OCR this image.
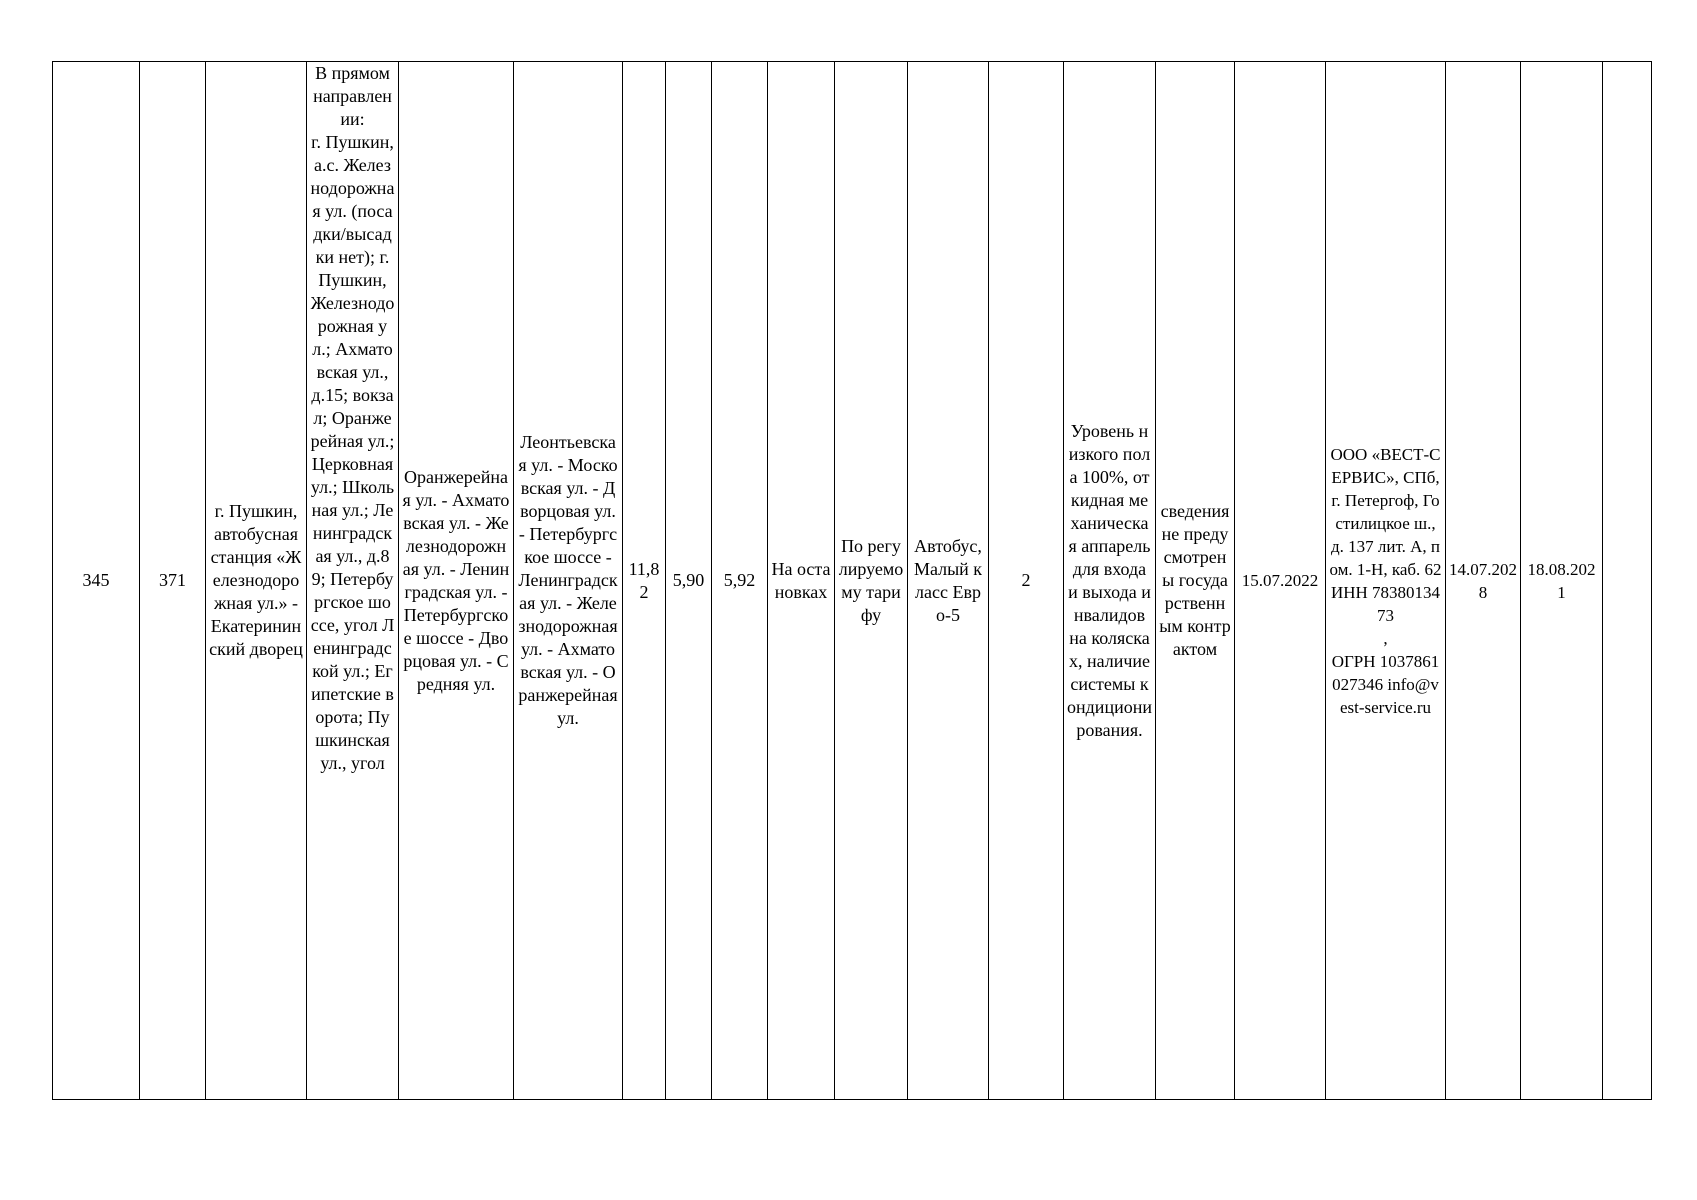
345	371	г. Пушкин, автобусная станция «Железнодорожная ул.» - Екатерининский дворец	В прямом направлении:
г. Пушкин, а.с. Железнодорожная ул. (посадки/высадки нет); г. Пушкин, Железнодорожная ул.; Ахматовская ул., д.15; вокзал; Оранжерейная ул.; Церковная ул.; Школьная ул.; Ленинградская ул., д.89; Петербургское шоссе, угол Ленинградской ул.; Египетские ворота; Пушкинская ул., угол	Оранжерейная ул. - Ахматовская ул. - Железнодорожная ул. - Ленинградская ул. - Петербургское шоссе - Дворцовая ул. - Средняя ул.	Леонтьевская ул. - Московская ул. - Дворцовая ул. - Петербургское шоссе - Ленинградская ул. - Железнодорожная ул. - Ахматовская ул. - Оранжерейная ул.	11,82	5,90	5,92	На остановках	По регулируемому тарифу	Автобус, Малый класс Евро-5	2	Уровень низкого пола 100%, откидная механическая аппарель для входа и выхода инвалидов на колясках, наличие системы кондиционирования.	сведения не предусмотрены государственным контрактом	15.07.2022	ООО «ВЕСТ-СЕРВИС», СПб, г. Петергоф, Гостилицкое ш., д. 137 лит. А, пом. 1-Н, каб. 62 ИНН 7838013473
,
ОГРН 1037861027346 info@vest-service.ru	14.07.2028	18.08.2021	
